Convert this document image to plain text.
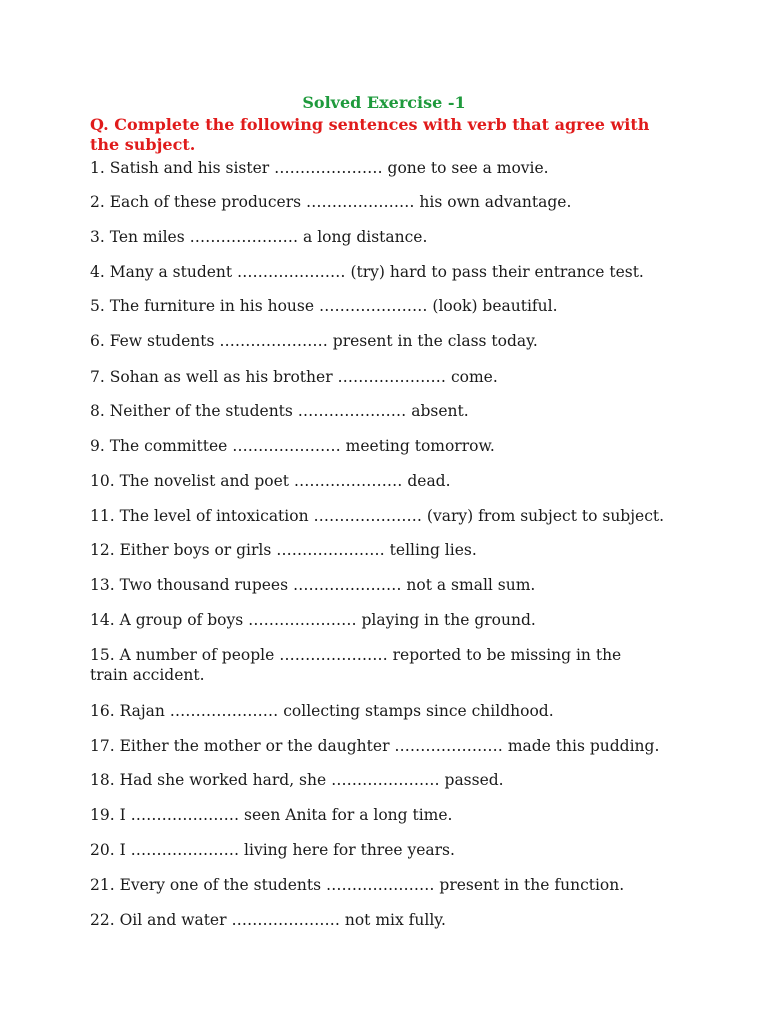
Solved Exercise -1
Q. Complete the following sentences with verb that agree with the subject.
1. Satish and his sister ………………… gone to see a movie.
2. Each of these producers ………………… his own advantage.
3. Ten miles ………………… a long distance.
4. Many a student ………………… (try) hard to pass their entrance test.
5. The furniture in his house ………………… (look) beautiful.
6. Few students ………………… present in the class today.
7. Sohan as well as his brother ………………… come.
8. Neither of the students ………………… absent.
9. The committee ………………… meeting tomorrow.
10. The novelist and poet ………………… dead.
11. The level of intoxication ………………… (vary) from subject to subject.
12. Either boys or girls ………………… telling lies.
13. Two thousand rupees ………………… not a small sum.
14. A group of boys ………………… playing in the ground.
15. A number of people ………………… reported to be missing in the train accident.
16. Rajan ………………… collecting stamps since childhood.
17. Either the mother or the daughter ………………… made this pudding.
18. Had she worked hard, she ………………… passed.
19. I ………………… seen Anita for a long time.
20. I ………………… living here for three years.
21. Every one of the students ………………… present in the function.
22. Oil and water ………………… not mix fully.
